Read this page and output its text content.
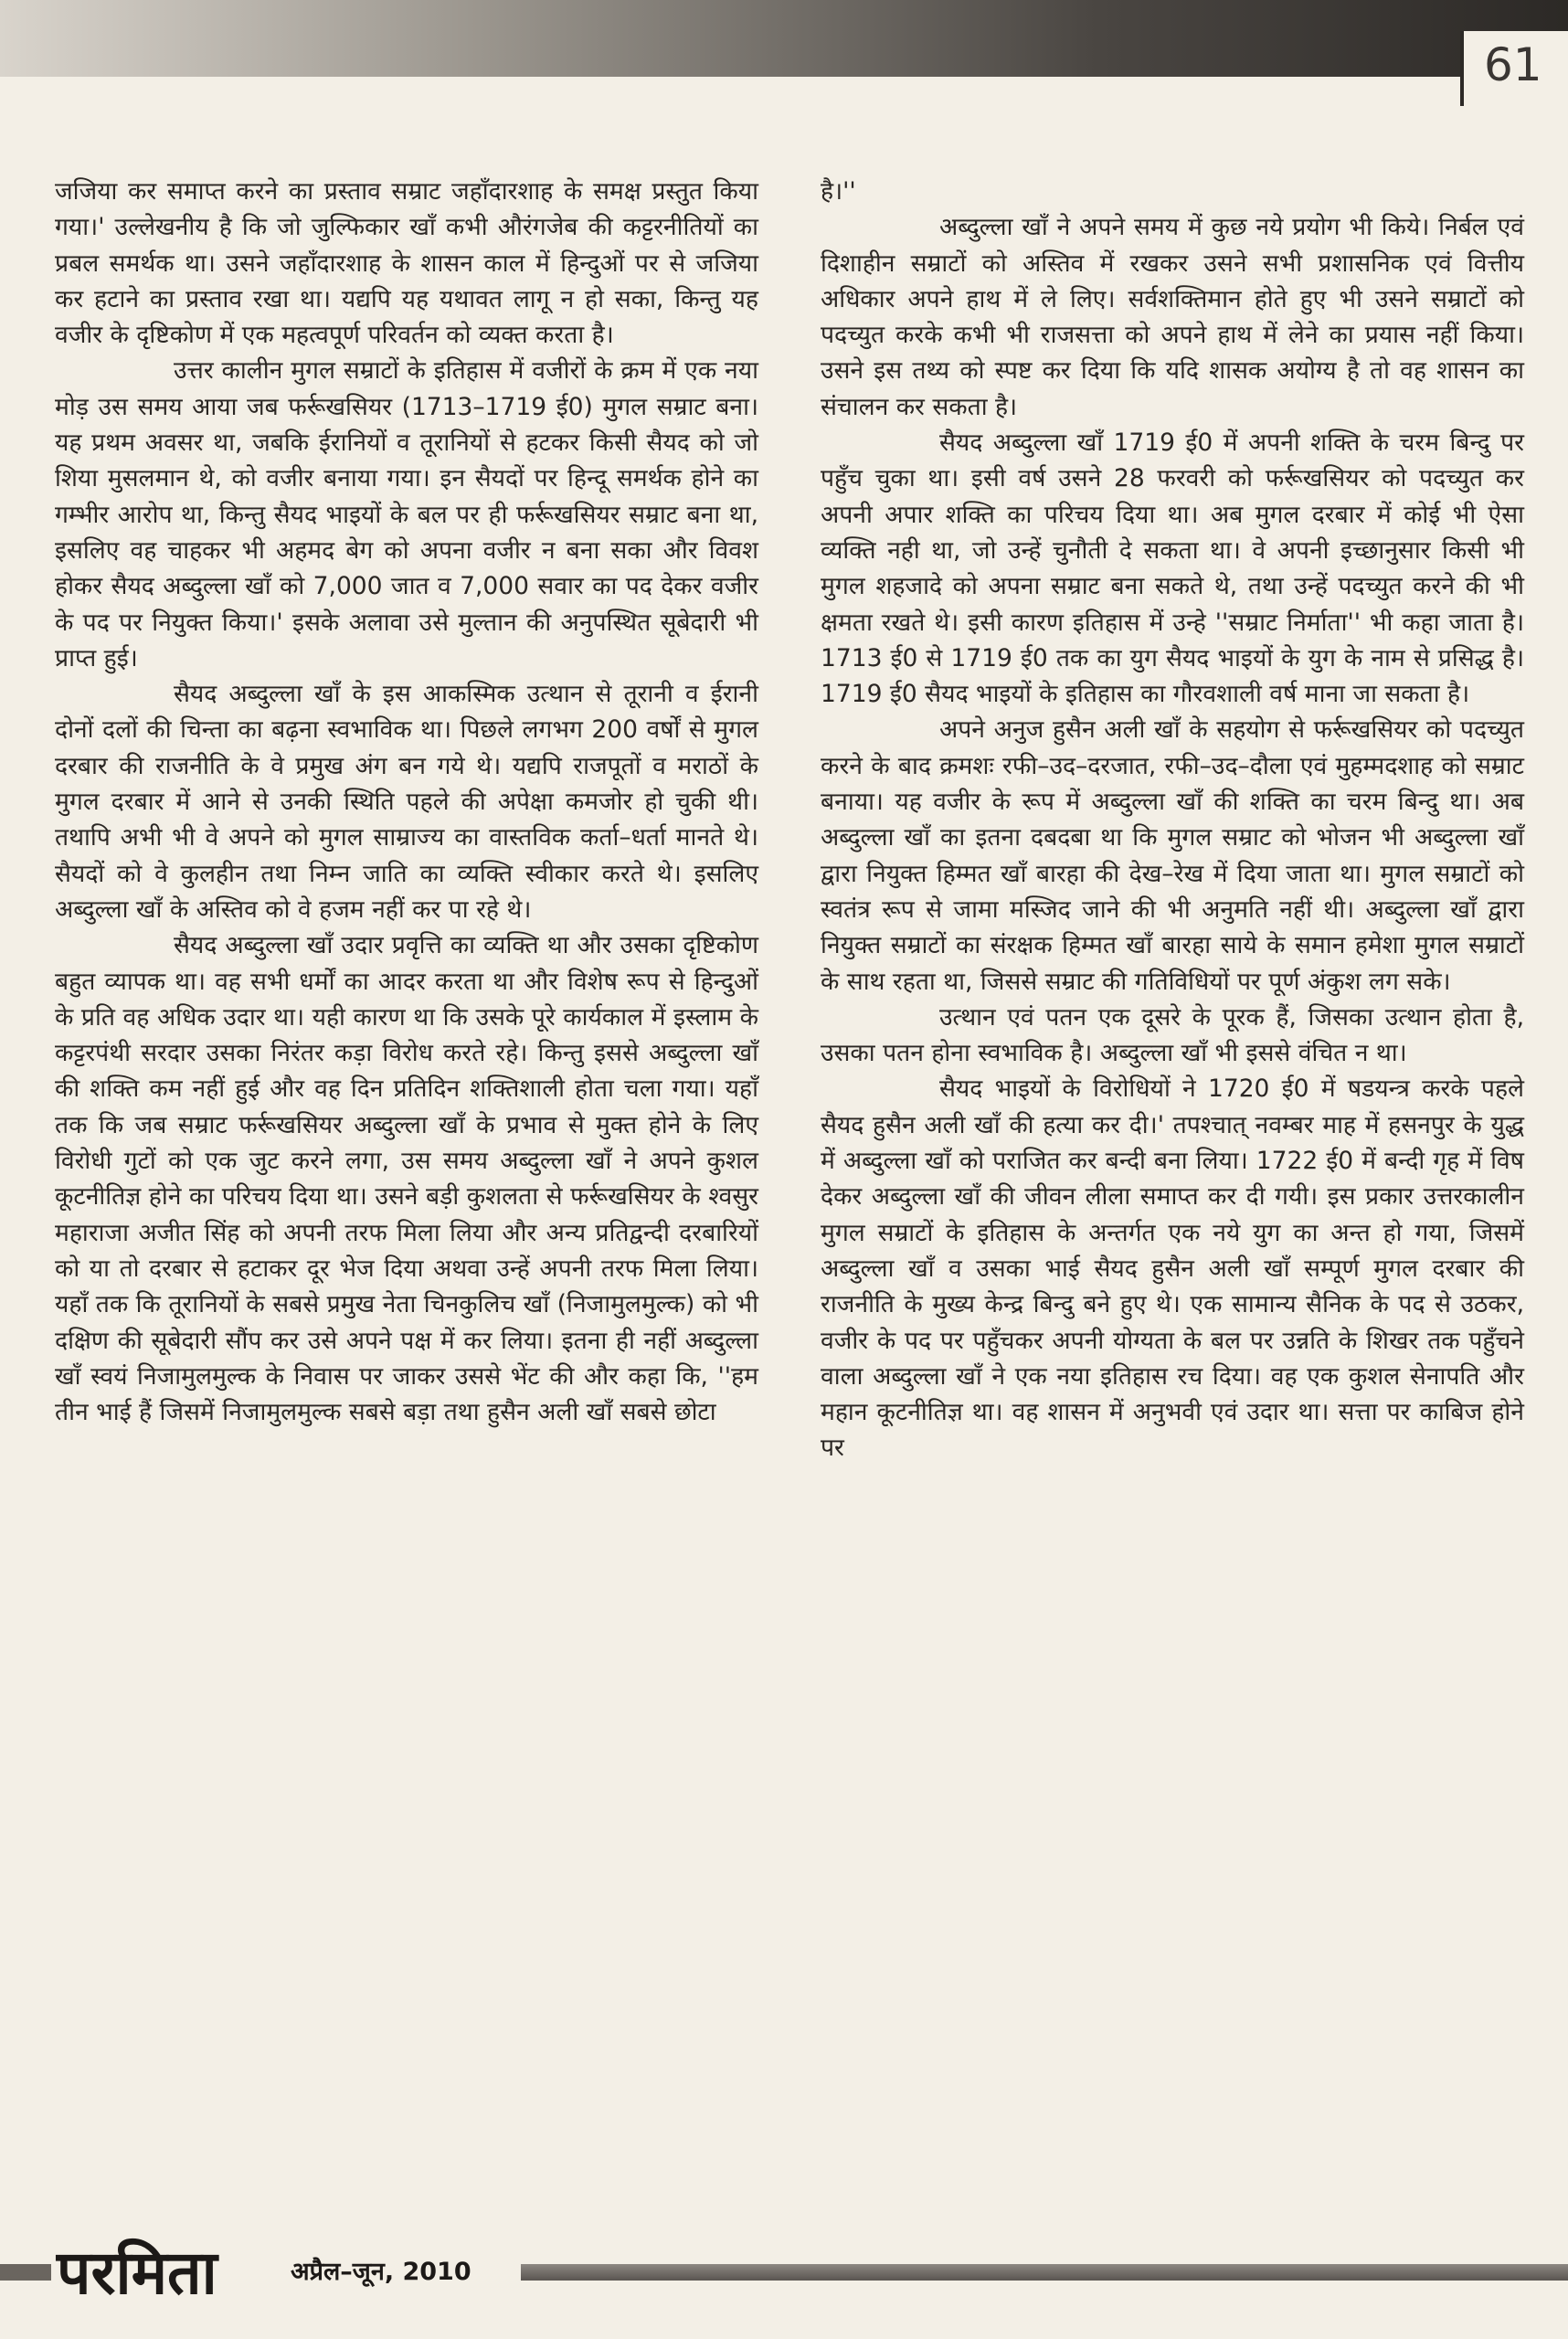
61

जजिया कर समाप्त करने का प्रस्ताव सम्राट जहाँदारशाह के समक्ष प्रस्तुत किया गया।' उल्लेखनीय है कि जो जुल्फिकार खाँ कभी औरंगजेब की कट्टरनीतियों का प्रबल समर्थक था। उसने जहाँदारशाह के शासन काल में हिन्दुओं पर से जजिया कर हटाने का प्रस्ताव रखा था। यद्यपि यह यथावत लागू न हो सका, किन्तु यह वजीर के दृष्टिकोण में एक महत्वपूर्ण परिवर्तन को व्यक्त करता है।

उत्तर कालीन मुगल सम्राटों के इतिहास में वजीरों के क्रम में एक नया मोड़ उस समय आया जब फर्रूखसियर (1713–1719 ई0) मुगल सम्राट बना। यह प्रथम अवसर था, जबकि ईरानियों व तूरानियों से हटकर किसी सैयद को जो शिया मुसलमान थे, को वजीर बनाया गया। इन सैयदों पर हिन्दू समर्थक होने का गम्भीर आरोप था, किन्तु सैयद भाइयों के बल पर ही फर्रूखसियर सम्राट बना था, इसलिए वह चाहकर भी अहमद बेग को अपना वजीर न बना सका और विवश होकर सैयद अब्दुल्ला खाँ को 7,000 जात व 7,000 सवार का पद देकर वजीर के पद पर नियुक्त किया।' इसके अलावा उसे मुल्तान की अनुपस्थित सूबेदारी भी प्राप्त हुई।

सैयद अब्दुल्ला खाँ के इस आकस्मिक उत्थान से तूरानी व ईरानी दोनों दलों की चिन्ता का बढ़ना स्वभाविक था। पिछले लगभग 200 वर्षों से मुगल दरबार की राजनीति के वे प्रमुख अंग बन गये थे। यद्यपि राजपूतों व मराठों के मुगल दरबार में आने से उनकी स्थिति पहले की अपेक्षा कमजोर हो चुकी थी। तथापि अभी भी वे अपने को मुगल साम्राज्य का वास्तविक कर्ता–धर्ता मानते थे। सैयदों को वे कुलहीन तथा निम्न जाति का व्यक्ति स्वीकार करते थे। इसलिए अब्दुल्ला खाँ के अस्तिव को वे हजम नहीं कर पा रहे थे।

सैयद अब्दुल्ला खाँ उदार प्रवृत्ति का व्यक्ति था और उसका दृष्टिकोण बहुत व्यापक था। वह सभी धर्मों का आदर करता था और विशेष रूप से हिन्दुओं के प्रति वह अधिक उदार था। यही कारण था कि उसके पूरे कार्यकाल में इस्लाम के कट्टरपंथी सरदार उसका निरंतर कड़ा विरोध करते रहे। किन्तु इससे अब्दुल्ला खाँ की शक्ति कम नहीं हुई और वह दिन प्रतिदिन शक्तिशाली होता चला गया। यहाँ तक कि जब सम्राट फर्रूखसियर अब्दुल्ला खाँ के प्रभाव से मुक्त होने के लिए विरोधी गुटों को एक जुट करने लगा, उस समय अब्दुल्ला खाँ ने अपने कुशल कूटनीतिज्ञ होने का परिचय दिया था। उसने बड़ी कुशलता से फर्रूखसियर के श्वसुर महाराजा अजीत सिंह को अपनी तरफ मिला लिया और अन्य प्रतिद्वन्दी दरबारियों को या तो दरबार से हटाकर दूर भेज दिया अथवा उन्हें अपनी तरफ मिला लिया। यहाँ तक कि तूरानियों के सबसे प्रमुख नेता चिनकुलिच खाँ (निजामुलमुल्क) को भी दक्षिण की सूबेदारी सौंप कर उसे अपने पक्ष में कर लिया। इतना ही नहीं अब्दुल्ला खाँ स्वयं निजामुलमुल्क के निवास पर जाकर उससे भेंट की और कहा कि, ''हम तीन भाई हैं जिसमें निजामुलमुल्क सबसे बड़ा तथा हुसैन अली खाँ सबसे छोटा

है।''

अब्दुल्ला खाँ ने अपने समय में कुछ नये प्रयोग भी किये। निर्बल एवं दिशाहीन सम्राटों को अस्तिव में रखकर उसने सभी प्रशासनिक एवं वित्तीय अधिकार अपने हाथ में ले लिए। सर्वशक्तिमान होते हुए भी उसने सम्राटों को पदच्युत करके कभी भी राजसत्ता को अपने हाथ में लेने का प्रयास नहीं किया। उसने इस तथ्य को स्पष्ट कर दिया कि यदि शासक अयोग्य है तो वह शासन का संचालन कर सकता है।

सैयद अब्दुल्ला खाँ 1719 ई0 में अपनी शक्ति के चरम बिन्दु पर पहुँच चुका था। इसी वर्ष उसने 28 फरवरी को फर्रूखसियर को पदच्युत कर अपनी अपार शक्ति का परिचय दिया था। अब मुगल दरबार में कोई भी ऐसा व्यक्ति नही था, जो उन्हें चुनौती दे सकता था। वे अपनी इच्छानुसार किसी भी मुगल शहजादे को अपना सम्राट बना सकते थे, तथा उन्हें पदच्युत करने की भी क्षमता रखते थे। इसी कारण इतिहास में उन्हे ''सम्राट निर्माता'' भी कहा जाता है। 1713 ई0 से 1719 ई0 तक का युग सैयद भाइयों के युग के नाम से प्रसिद्ध है। 1719 ई0 सैयद भाइयों के इतिहास का गौरवशाली वर्ष माना जा सकता है।

अपने अनुज हुसैन अली खाँ के सहयोग से फर्रूखसियर को पदच्युत करने के बाद क्रमशः रफी–उद–दरजात, रफी–उद–दौला एवं मुहम्मदशाह को सम्राट बनाया। यह वजीर के रूप में अब्दुल्ला खाँ की शक्ति का चरम बिन्दु था। अब अब्दुल्ला खाँ का इतना दबदबा था कि मुगल सम्राट को भोजन भी अब्दुल्ला खाँ द्वारा नियुक्त हिम्मत खाँ बारहा की देख–रेख में दिया जाता था। मुगल सम्राटों को स्वतंत्र रूप से जामा मस्जिद जाने की भी अनुमति नहीं थी। अब्दुल्ला खाँ द्वारा नियुक्त सम्राटों का संरक्षक हिम्मत खाँ बारहा साये के समान हमेशा मुगल सम्राटों के साथ रहता था, जिससे सम्राट की गतिविधियों पर पूर्ण अंकुश लग सके।

उत्थान एवं पतन एक दूसरे के पूरक हैं, जिसका उत्थान होता है, उसका पतन होना स्वभाविक है। अब्दुल्ला खाँ भी इससे वंचित न था।

सैयद भाइयों के विरोधियों ने 1720 ई0 में षडयन्त्र करके पहले सैयद हुसैन अली खाँ की हत्या कर दी।' तपश्चात् नवम्बर माह में हसनपुर के युद्ध में अब्दुल्ला खाँ को पराजित कर बन्दी बना लिया। 1722 ई0 में बन्दी गृह में विष देकर अब्दुल्ला खाँ की जीवन लीला समाप्त कर दी गयी। इस प्रकार उत्तरकालीन मुगल सम्राटों के इतिहास के अन्तर्गत एक नये युग का अन्त हो गया, जिसमें अब्दुल्ला खाँ व उसका भाई सैयद हुसैन अली खाँ सम्पूर्ण मुगल दरबार की राजनीति के मुख्य केन्द्र बिन्दु बने हुए थे। एक सामान्य सैनिक के पद से उठकर, वजीर के पद पर पहुँचकर अपनी योग्यता के बल पर उन्नति के शिखर तक पहुँचने वाला अब्दुल्ला खाँ ने एक नया इतिहास रच दिया। वह एक कुशल सेनापति और महान कूटनीतिज्ञ था। वह शासन में अनुभवी एवं उदार था। सत्ता पर काबिज होने पर

परमिता	अप्रैल–जून, 2010
